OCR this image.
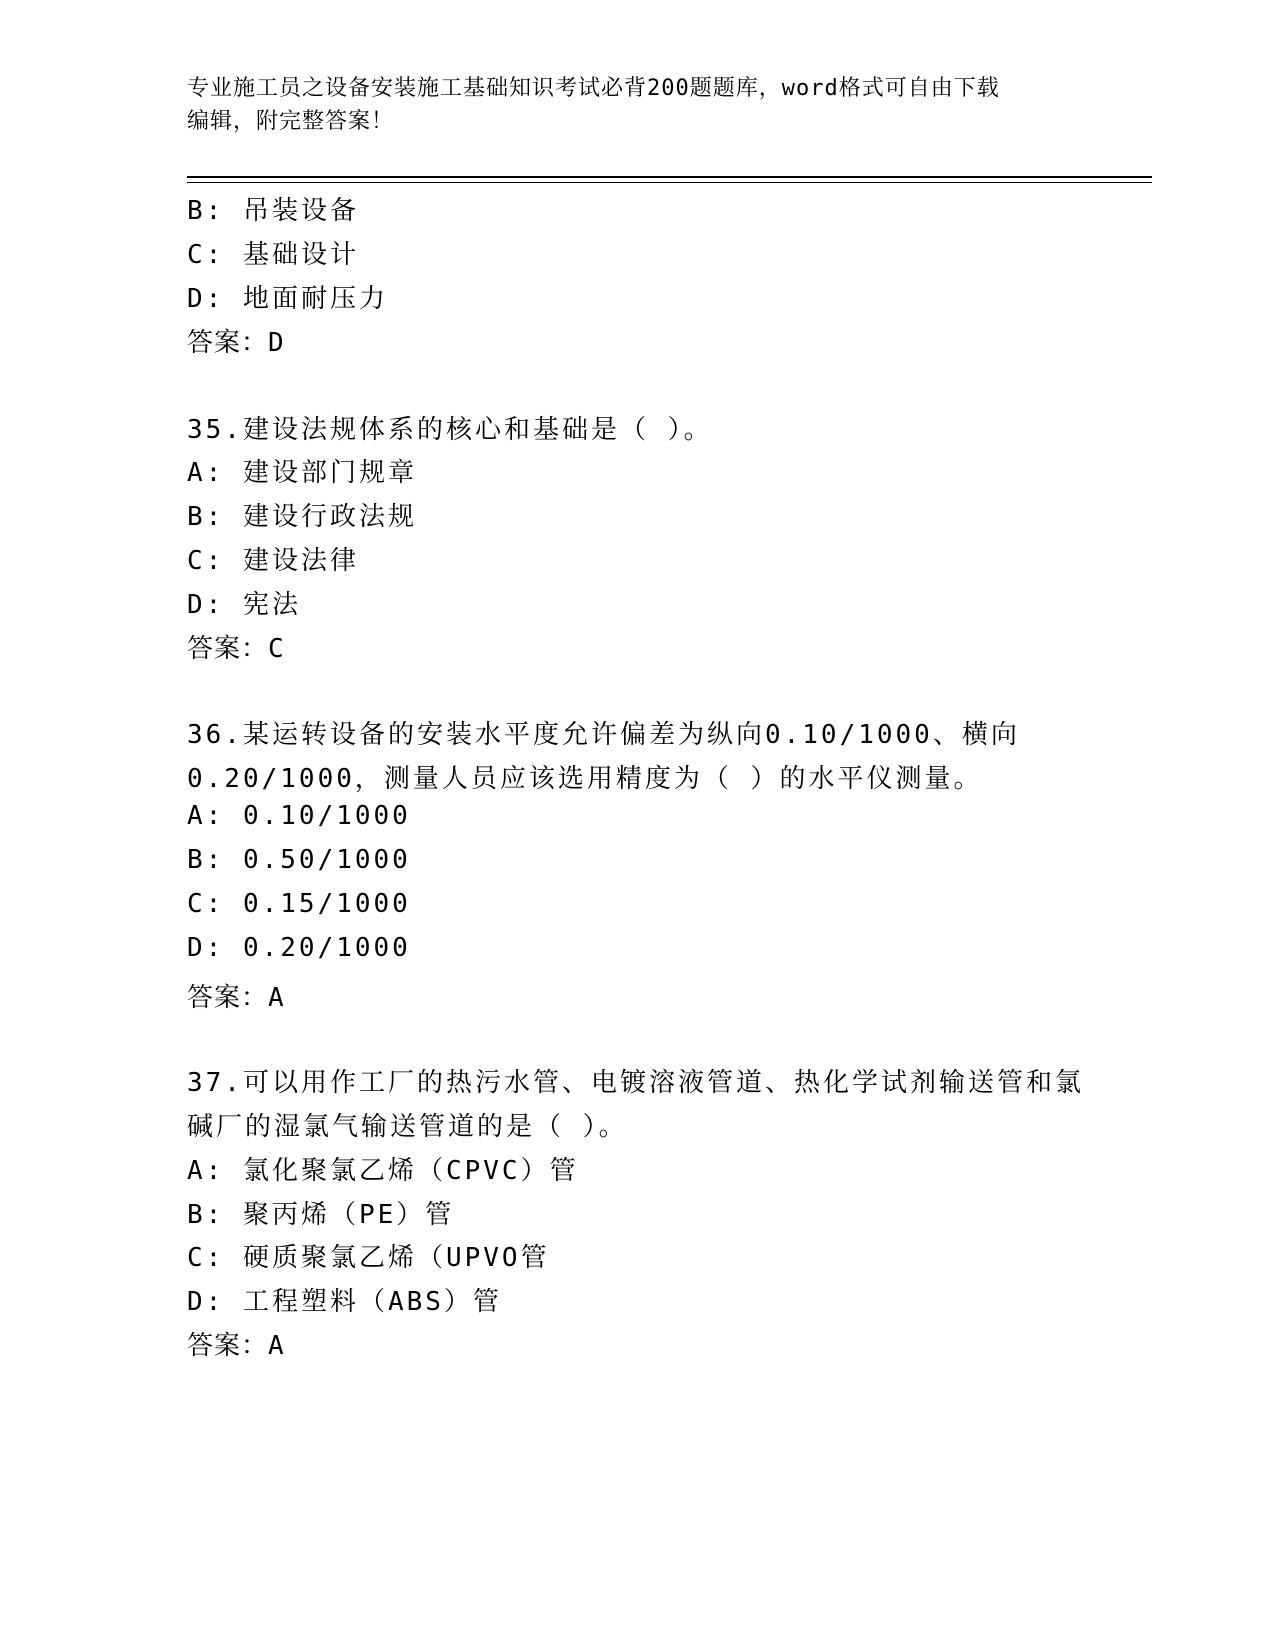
专业施工员之设备安装施工基础知识考试必背200题题库，word格式可自由下载
编辑，附完整答案！
B: 吊装设备
C: 基础设计
D: 地面耐压力
答案：D
35.建设法规体系的核心和基础是（ ）。
A: 建设部门规章
B: 建设行政法规
C: 建设法律
D: 宪法
答案：C
36.某运转设备的安装水平度允许偏差为纵向0.10/1000、横向
0.20/1000，测量人员应该选用精度为（ ）的水平仪测量。
A: 0.10/1000
B: 0.50/1000
C: 0.15/1000
D: 0.20/1000
答案：A
37.可以用作工厂的热污水管、电镀溶液管道、热化学试剂输送管和氯
碱厂的湿氯气输送管道的是（ ）。
A: 氯化聚氯乙烯（CPVC）管
B: 聚丙烯（PE）管
C: 硬质聚氯乙烯（UPVO管
D: 工程塑料（ABS）管
答案：A
